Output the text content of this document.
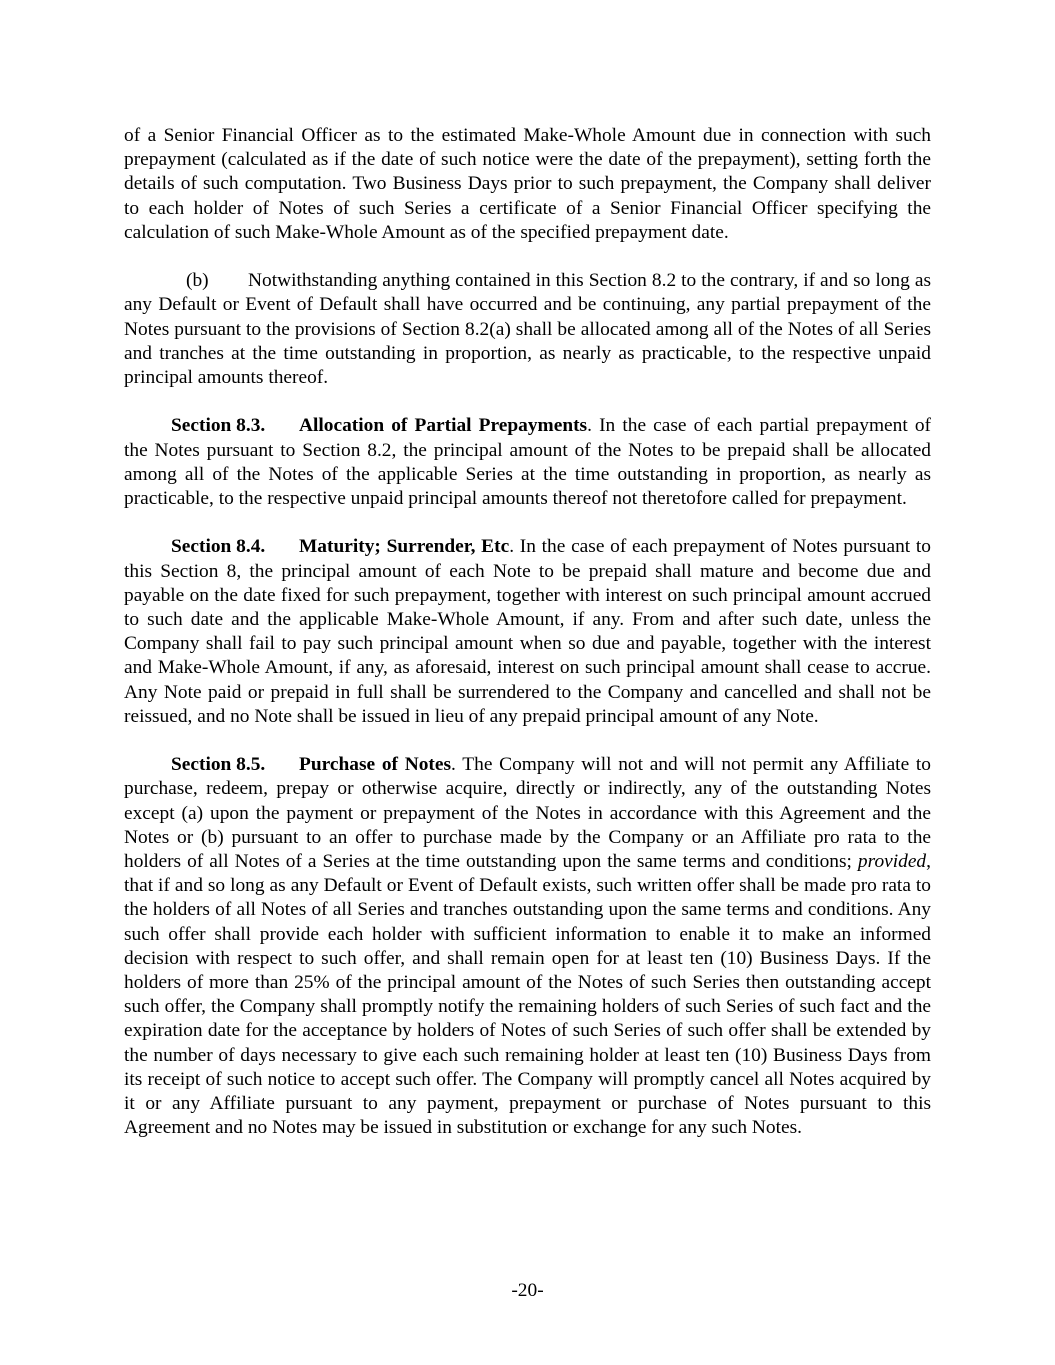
of a Senior Financial Officer as to the estimated Make-Whole Amount due in connection with such prepayment (calculated as if the date of such notice were the date of the prepayment), setting forth the details of such computation. Two Business Days prior to such prepayment, the Company shall deliver to each holder of Notes of such Series a certificate of a Senior Financial Officer specifying the calculation of such Make-Whole Amount as of the specified prepayment date.

(b) Notwithstanding anything contained in this Section 8.2 to the contrary, if and so long as any Default or Event of Default shall have occurred and be continuing, any partial prepayment of the Notes pursuant to the provisions of Section 8.2(a) shall be allocated among all of the Notes of all Series and tranches at the time outstanding in proportion, as nearly as practicable, to the respective unpaid principal amounts thereof.

Section 8.3. Allocation of Partial Prepayments. In the case of each partial prepayment of the Notes pursuant to Section 8.2, the principal amount of the Notes to be prepaid shall be allocated among all of the Notes of the applicable Series at the time outstanding in proportion, as nearly as practicable, to the respective unpaid principal amounts thereof not theretofore called for prepayment.

Section 8.4. Maturity; Surrender, Etc. In the case of each prepayment of Notes pursuant to this Section 8, the principal amount of each Note to be prepaid shall mature and become due and payable on the date fixed for such prepayment, together with interest on such principal amount accrued to such date and the applicable Make-Whole Amount, if any. From and after such date, unless the Company shall fail to pay such principal amount when so due and payable, together with the interest and Make-Whole Amount, if any, as aforesaid, interest on such principal amount shall cease to accrue. Any Note paid or prepaid in full shall be surrendered to the Company and cancelled and shall not be reissued, and no Note shall be issued in lieu of any prepaid principal amount of any Note.

Section 8.5. Purchase of Notes. The Company will not and will not permit any Affiliate to purchase, redeem, prepay or otherwise acquire, directly or indirectly, any of the outstanding Notes except (a) upon the payment or prepayment of the Notes in accordance with this Agreement and the Notes or (b) pursuant to an offer to purchase made by the Company or an Affiliate pro rata to the holders of all Notes of a Series at the time outstanding upon the same terms and conditions; provided, that if and so long as any Default or Event of Default exists, such written offer shall be made pro rata to the holders of all Notes of all Series and tranches outstanding upon the same terms and conditions. Any such offer shall provide each holder with sufficient information to enable it to make an informed decision with respect to such offer, and shall remain open for at least ten (10) Business Days. If the holders of more than 25% of the principal amount of the Notes of such Series then outstanding accept such offer, the Company shall promptly notify the remaining holders of such Series of such fact and the expiration date for the acceptance by holders of Notes of such Series of such offer shall be extended by the number of days necessary to give each such remaining holder at least ten (10) Business Days from its receipt of such notice to accept such offer. The Company will promptly cancel all Notes acquired by it or any Affiliate pursuant to any payment, prepayment or purchase of Notes pursuant to this Agreement and no Notes may be issued in substitution or exchange for any such Notes.

-20-
